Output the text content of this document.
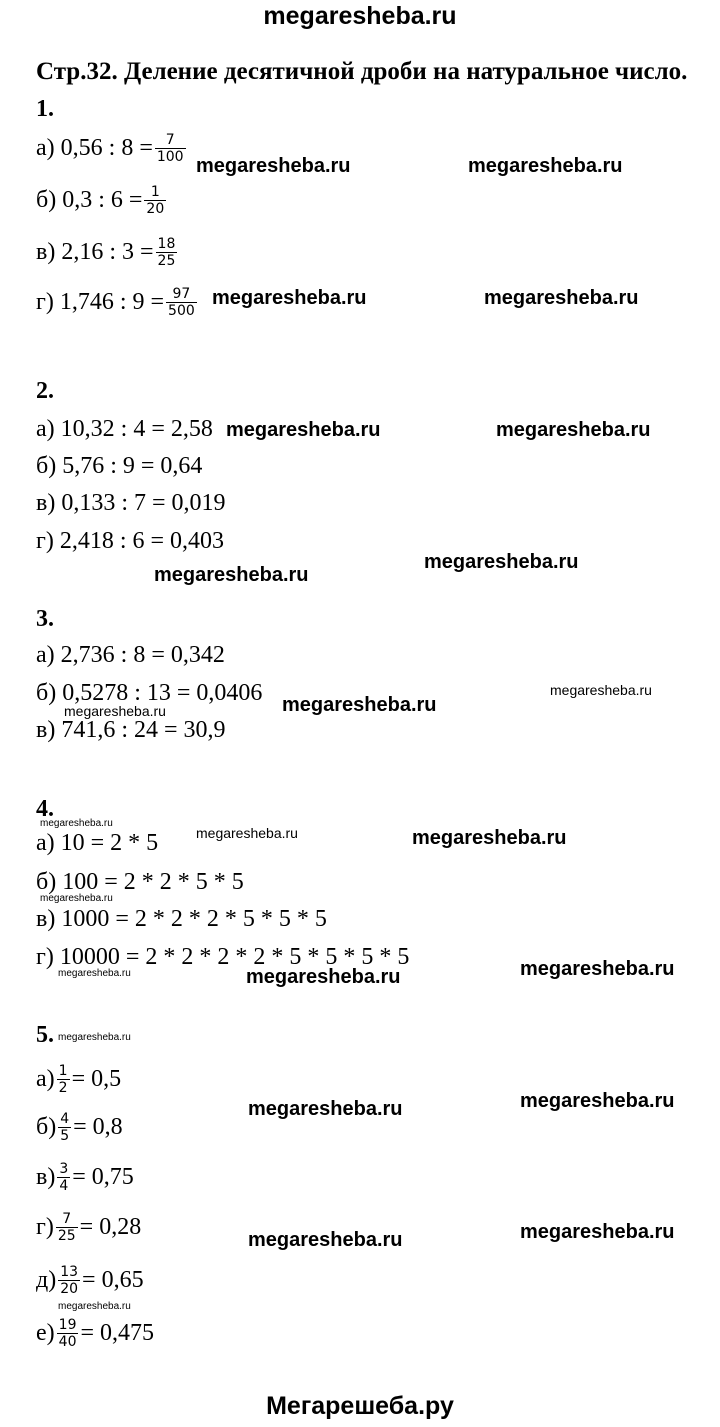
megaresheba.ru
Стр.32. Деление десятичной дроби на натуральное число.
1.
а) 0,56 : $8 = \frac{7}{100}$
б) 0,3 : $6 = \frac{1}{20}$
в) 2,16 : $3 = \frac{18}{25}$
г) 1,746 : $9 = \frac{97}{500}$
2.
а) 10,32 : 4 = 2,58
б) 5,76 : 9 = 0,64
в) 0,133 : 7 = 0,019
г) 2,418 : 6 = 0,403
3.
а) 2,736 : 8 = 0,342
б) 0,5278 : 13 = 0,0406
в) 741,6 : 24 = 30,9
4.
а) 10 = 2 * 5
б) 100 = 2 * 2 * 5 * 5
в) 1000 = 2 * 2 * 2 * 5 * 5 * 5
г) 10000 = 2 * 2 * 2 * 2 * 5 * 5 * 5 * 5
5.
$а) \frac{1}{2} = 0,5$
$б) \frac{4}{5} = 0,8$
$в) \frac{3}{4} = 0,75$
$г) \frac{7}{25} = 0,28$
$д) \frac{13}{20} = 0,65$
$е) \frac{19}{40} = 0,475$
megaresheba.ru	megaresheba.ru
megaresheba.ru	megaresheba.ru
megaresheba.ru	megaresheba.ru
megaresheba.ru
megaresheba.ru
megaresheba.ru
megaresheba.ru	megaresheba.ru
megaresheba.ru
megaresheba.ru	megaresheba.ru
megaresheba.ru
megaresheba.ru	megaresheba.ru	megaresheba.ru
megaresheba.ru
megaresheba.ru	megaresheba.ru
megaresheba.ru	megaresheba.ru
megaresheba.ru
Мегарешеба.ру
